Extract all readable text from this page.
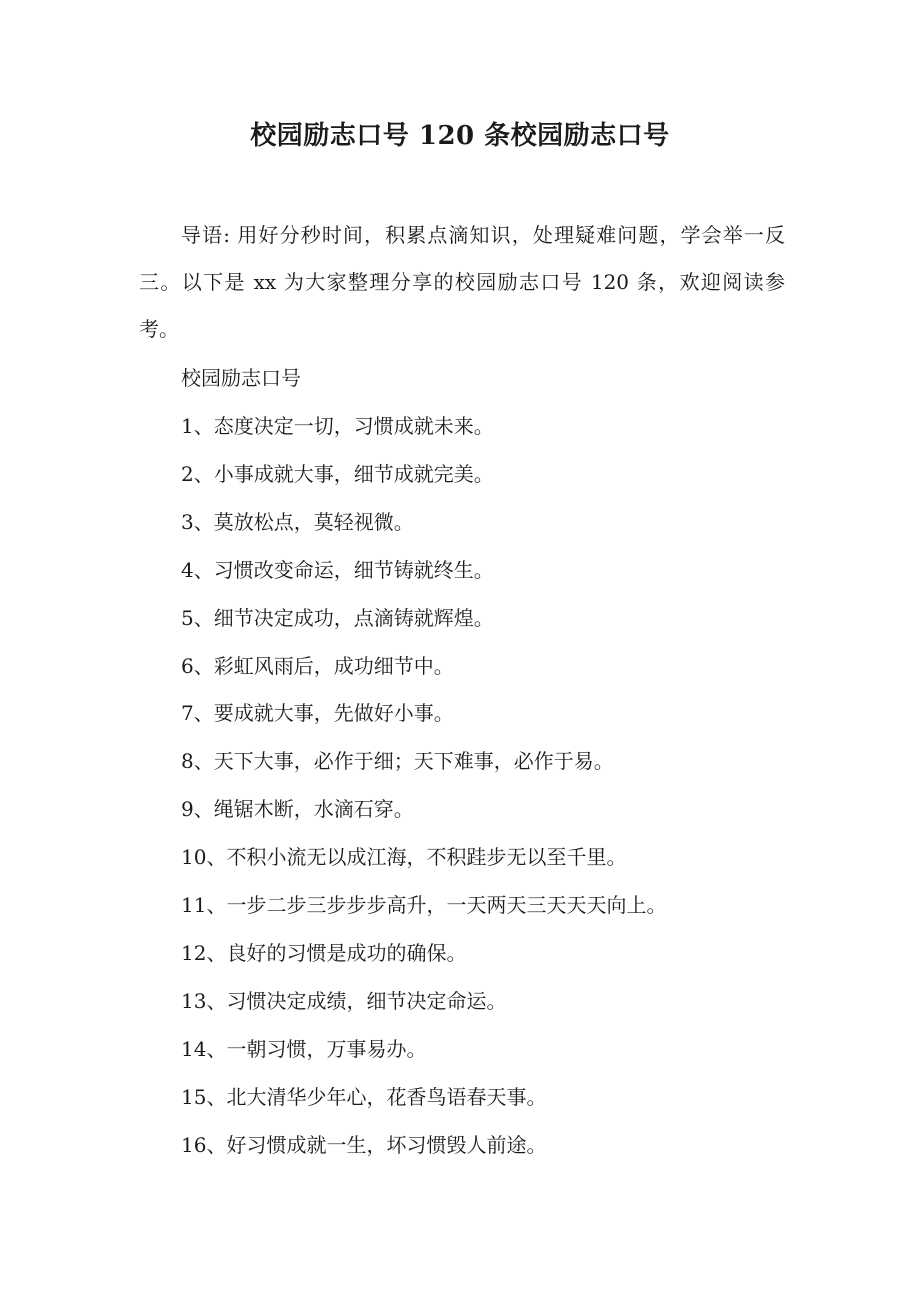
校园励志口号 120 条校园励志口号

导语: 用好分秒时间，积累点滴知识，处理疑难问题，学会举一反三。以下是 xx 为大家整理分享的校园励志口号 120 条，欢迎阅读参考。

校园励志口号
1、态度决定一切，习惯成就未来。
2、小事成就大事，细节成就完美。
3、莫放松点，莫轻视微。
4、习惯改变命运，细节铸就终生。
5、细节决定成功，点滴铸就辉煌。
6、彩虹风雨后，成功细节中。
7、要成就大事，先做好小事。
8、天下大事，必作于细；天下难事，必作于易。
9、绳锯木断，水滴石穿。
10、不积小流无以成江海，不积跬步无以至千里。
11、一步二步三步步步高升，一天两天三天天天向上。
12、良好的习惯是成功的确保。
13、习惯决定成绩，细节决定命运。
14、一朝习惯，万事易办。
15、北大清华少年心，花香鸟语春天事。
16、好习惯成就一生，坏习惯毁人前途。
